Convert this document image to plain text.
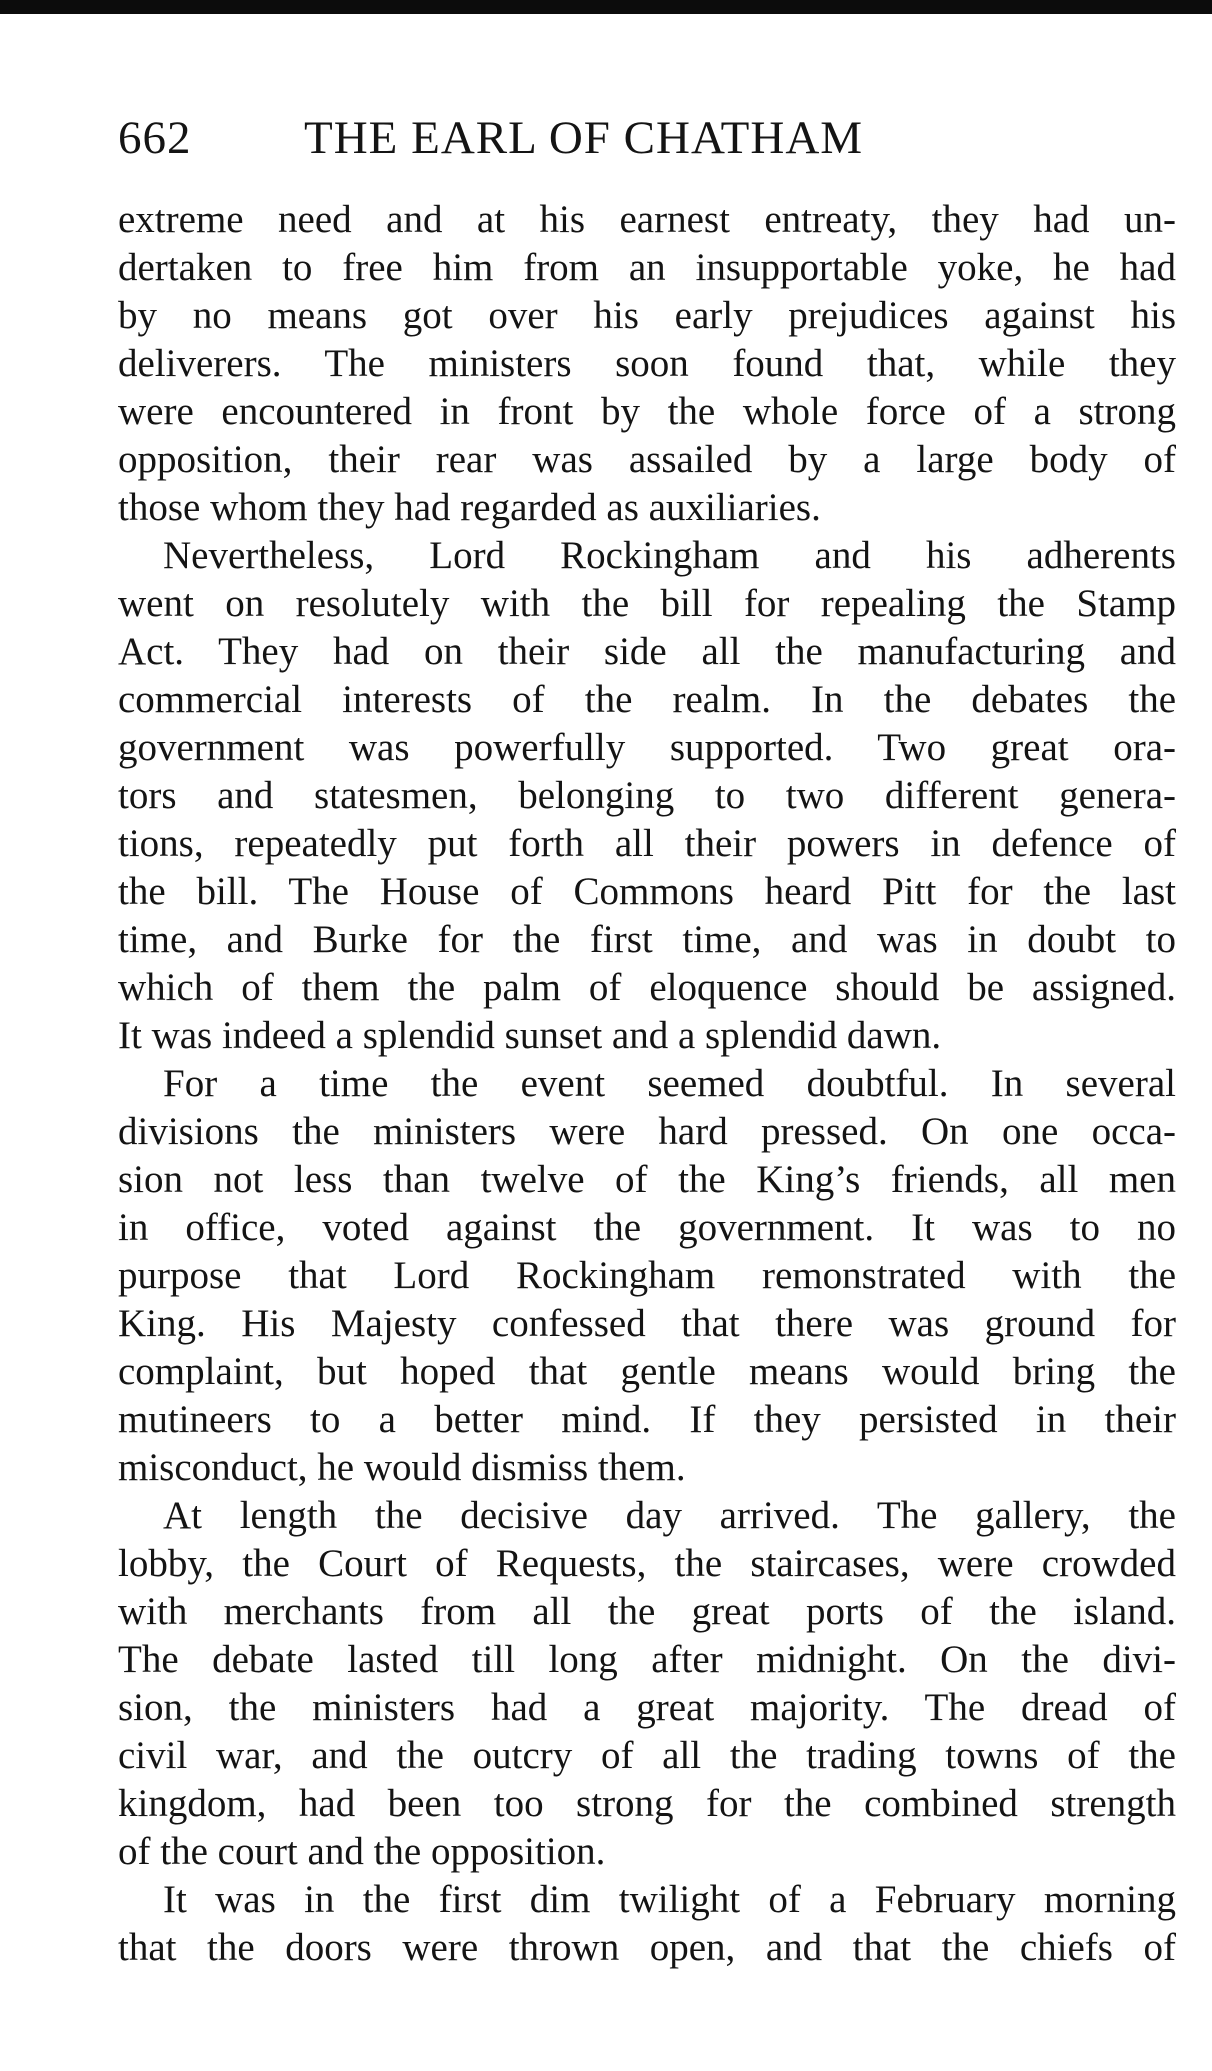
662 THE EARL OF CHATHAM
extreme need and at his earnest entreaty, they had un-
dertaken to free him from an insupportable yoke, he had
by no means got over his early prejudices against his
deliverers. The ministers soon found that, while they
were encountered in front by the whole force of a strong
opposition, their rear was assailed by a large body of
those whom they had regarded as auxiliaries.
Nevertheless, Lord Rockingham and his adherents
went on resolutely with the bill for repealing the Stamp
Act. They had on their side all the manufacturing and
commercial interests of the realm. In the debates the
government was powerfully supported. Two great ora-
tors and statesmen, belonging to two different genera-
tions, repeatedly put forth all their powers in defence of
the bill. The House of Commons heard Pitt for the last
time, and Burke for the first time, and was in doubt to
which of them the palm of eloquence should be assigned.
It was indeed a splendid sunset and a splendid dawn.
For a time the event seemed doubtful. In several
divisions the ministers were hard pressed. On one occa-
sion not less than twelve of the King’s friends, all men
in office, voted against the government. It was to no
purpose that Lord Rockingham remonstrated with the
King. His Majesty confessed that there was ground for
complaint, but hoped that gentle means would bring the
mutineers to a better mind. If they persisted in their
misconduct, he would dismiss them.
At length the decisive day arrived. The gallery, the
lobby, the Court of Requests, the staircases, were crowded
with merchants from all the great ports of the island.
The debate lasted till long after midnight. On the divi-
sion, the ministers had a great majority. The dread of
civil war, and the outcry of all the trading towns of the
kingdom, had been too strong for the combined strength
of the court and the opposition.
It was in the first dim twilight of a February morning
that the doors were thrown open, and that the chiefs of
